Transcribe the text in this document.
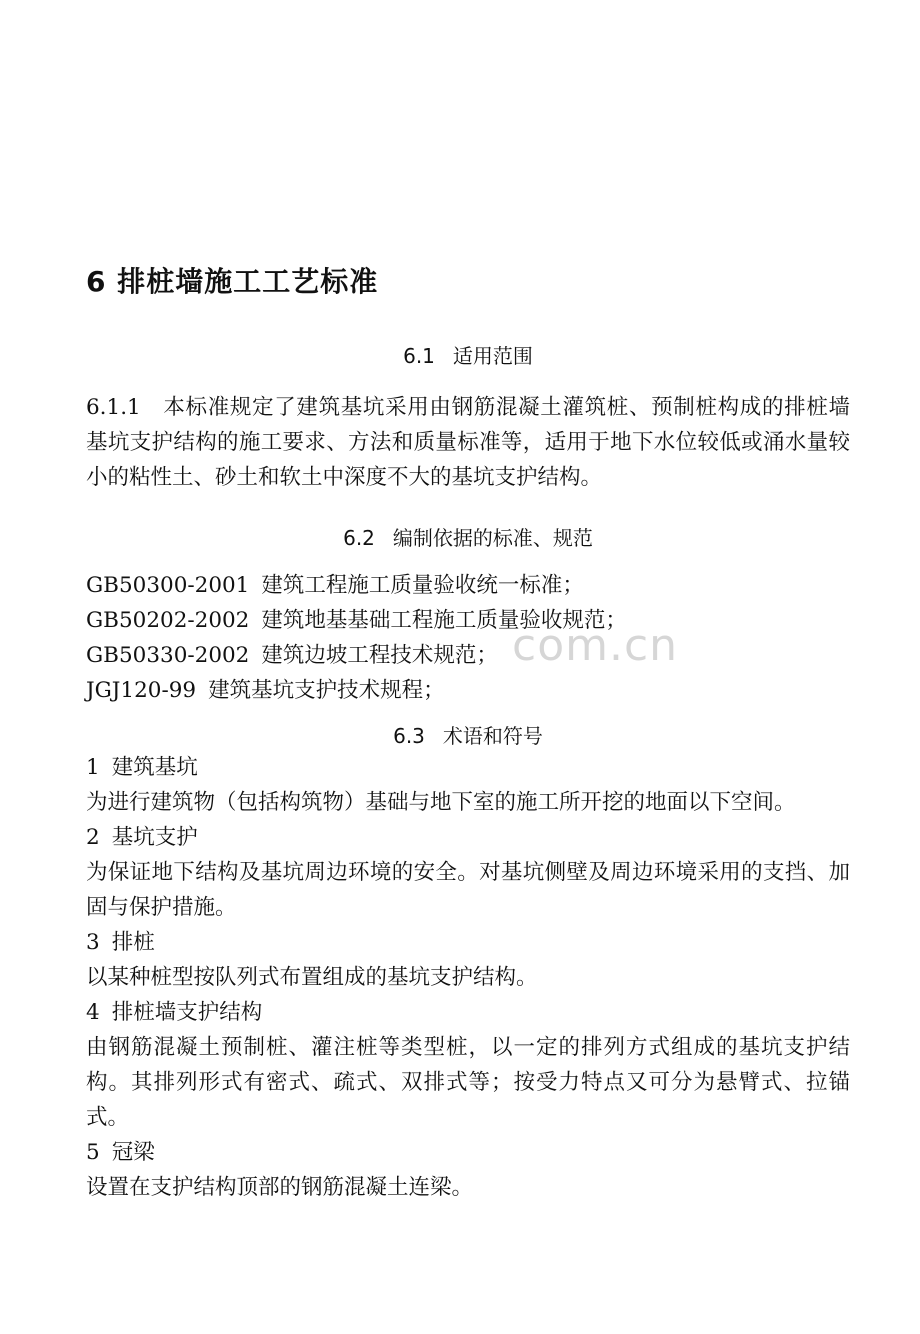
6 排桩墙施工工艺标准
6.1 适用范围

6.1.1 本标准规定了建筑基坑采用由钢筋混凝土灌筑桩、预制桩构成的排桩墙基坑支护结构的施工要求、方法和质量标准等，适用于地下水位较低或涌水量较小的粘性土、砂土和软土中深度不大的基坑支护结构。

6.2 编制依据的标准、规范
GB50300-2001 建筑工程施工质量验收统一标准；
GB50202-2002 建筑地基基础工程施工质量验收规范；
GB50330-2002 建筑边坡工程技术规范；
JGJ120-99 建筑基坑支护技术规程；
6.3 术语和符号
1 建筑基坑
为进行建筑物（包括构筑物）基础与地下室的施工所开挖的地面以下空间。
2 基坑支护
为保证地下结构及基坑周边环境的安全。对基坑侧壁及周边环境采用的支挡、加固与保护措施。
3 排桩
以某种桩型按队列式布置组成的基坑支护结构。
4 排桩墙支护结构
由钢筋混凝土预制桩、灌注桩等类型桩，以一定的排列方式组成的基坑支护结构。其排列形式有密式、疏式、双排式等；按受力特点又可分为悬臂式、拉锚式。
5 冠梁
设置在支护结构顶部的钢筋混凝土连梁。
com.cn
